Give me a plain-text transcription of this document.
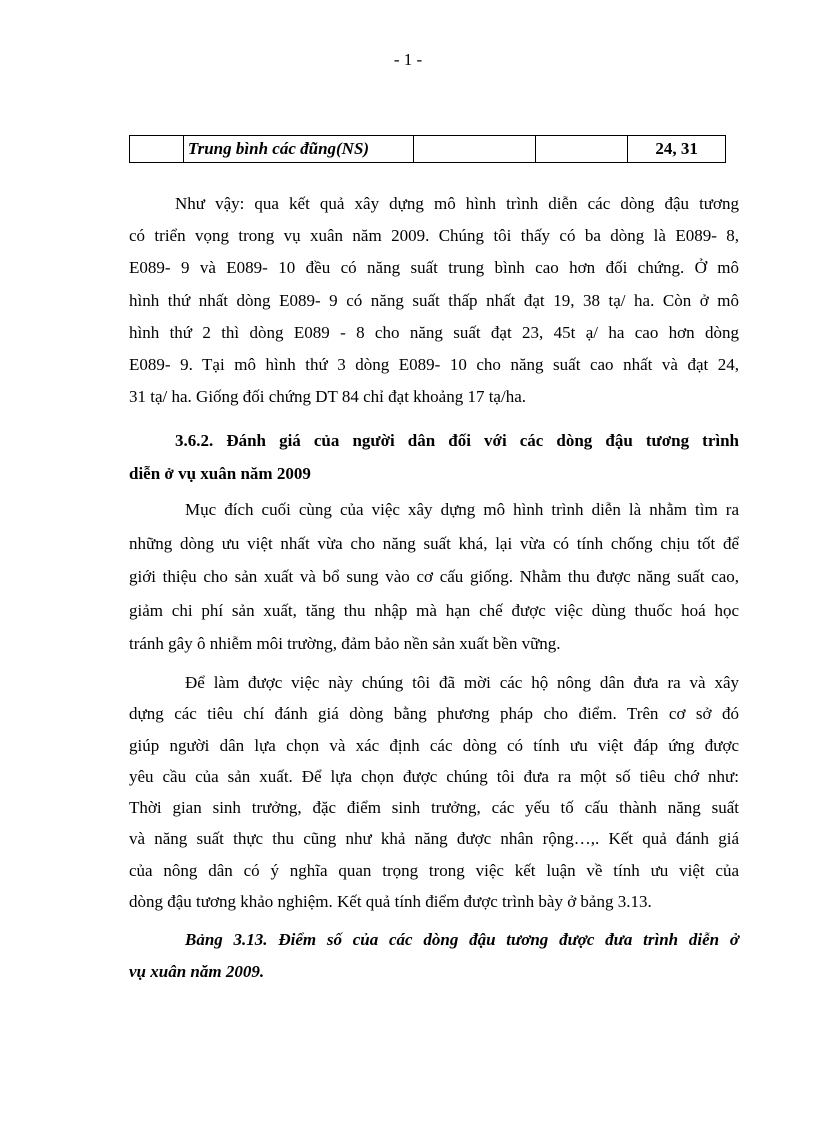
- 1 -
	Trung bình các đũng(NS)			24, 31

Như vậy: qua kết quả xây dựng mô hình trình diễn các dòng đậu tương

có triển vọng trong vụ xuân năm 2009. Chúng tôi thấy có ba dòng là E089- 8,

E089- 9 và E089- 10 đều có năng suất trung bình cao hơn đối chứng. Ở mô

hình thứ nhất dòng E089- 9 có năng suất thấp nhất đạt 19, 38 tạ/ ha. Còn ở mô

hình thứ 2 thì dòng E089 - 8 cho năng suất đạt 23, 45t ạ/ ha cao hơn dòng

E089- 9. Tại mô hình thứ 3 dòng E089- 10 cho năng suất cao nhất và đạt 24,

31 tạ/ ha. Giống đối chứng DT 84 chỉ đạt khoảng 17 tạ/ha.

3.6.2. Đánh giá của người dân đối với các dòng đậu tương trình

diễn ở vụ xuân năm 2009

Mục đích cuối cùng của việc xây dựng mô hình trình diễn là nhằm tìm ra

những dòng ưu việt nhất vừa cho năng suất khá, lại vừa có tính chống chịu tốt để

giới thiệu cho sản xuất và bổ sung vào cơ cấu giống. Nhằm thu được năng suất cao,

giảm chi phí sản xuất, tăng thu nhập mà hạn chế được việc dùng thuốc hoá học

tránh gây ô nhiễm môi trường, đảm bảo nền sản xuất bền vững.

Để làm được việc này chúng tôi đã mời các hộ nông dân đưa ra và xây

dựng các tiêu chí đánh giá dòng bằng phương pháp cho điểm. Trên cơ sở đó

giúp người dân lựa chọn và xác định các dòng có tính ưu việt đáp ứng được

yêu cầu của sản xuất. Để lựa chọn được chúng tôi đưa ra một số tiêu chớ như:

Thời gian sinh trưởng, đặc điểm sinh trưởng, các yếu tố cấu thành năng suất

và năng suất thực thu cũng như khả năng được nhân rộng…,. Kết quả đánh giá

của nông dân có ý nghĩa quan trọng trong việc kết luận về tính ưu việt của

dòng đậu tương khảo nghiệm. Kết quả tính điểm được trình bày ở bảng 3.13.

Bảng 3.13. Điểm số của các dòng đậu tương được đưa trình diễn ở

vụ xuân năm 2009.
